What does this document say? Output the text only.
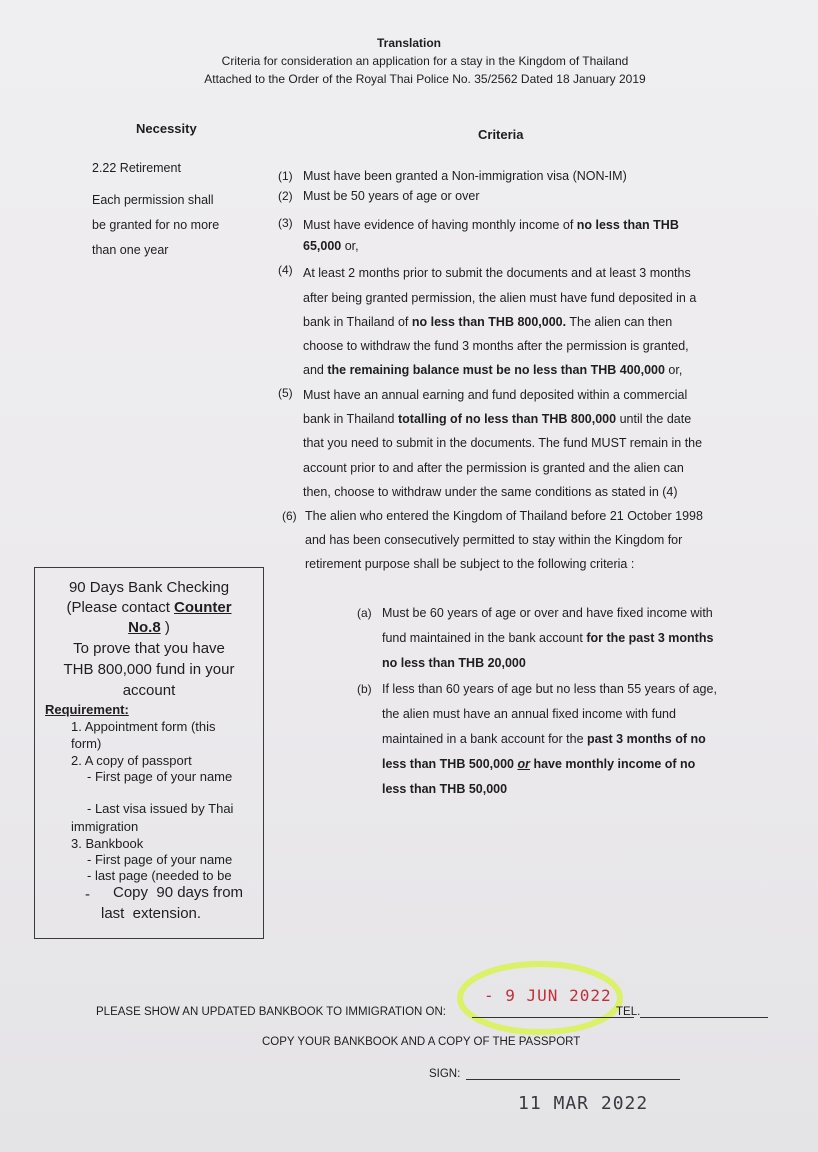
Translation
Criteria for consideration an application for a stay in the Kingdom of Thailand
Attached to the Order of the Royal Thai Police No. 35/2562 Dated 18 January 2019
Necessity	Criteria
2.22 Retirement
Each permission shall
be granted for no more
than one year
(1) Must have been granted a Non-immigration visa (NON-IM)
(2) Must be 50 years of age or over
(3) Must have evidence of having monthly income of no less than THB
65,000 or,
(4) At least 2 months prior to submit the documents and at least 3 months
after being granted permission, the alien must have fund deposited in a
bank in Thailand of no less than THB 800,000. The alien can then
choose to withdraw the fund 3 months after the permission is granted,
and the remaining balance must be no less than THB 400,000 or,
(5) Must have an annual earning and fund deposited within a commercial
bank in Thailand totalling of no less than THB 800,000 until the date
that you need to submit in the documents. The fund MUST remain in the
account prior to and after the permission is granted and the alien can
then, choose to withdraw under the same conditions as stated in (4)
(6) The alien who entered the Kingdom of Thailand before 21 October 1998
and has been consecutively permitted to stay within the Kingdom for
retirement purpose shall be subject to the following criteria :
(a) Must be 60 years of age or over and have fixed income with
fund maintained in the bank account for the past 3 months
no less than THB 20,000
(b) If less than 60 years of age but no less than 55 years of age,
the alien must have an annual fixed income with fund
maintained in a bank account for the past 3 months of no
less than THB 500,000 or have monthly income of no
less than THB 50,000
90 Days Bank Checking
(Please contact Counter
No.8 )
To prove that you have
THB 800,000 fund in your
account
Requirement:
1. Appointment form (this
form)
2. A copy of passport
- First page of your name
- Last visa issued by Thai
immigration
3. Bankbook
- First page of your name
- last page (needed to be
- Copy  90 days from
last  extension.
PLEASE SHOW AN UPDATED BANKBOOK TO IMMIGRATION ON:
- 9 JUN 2022
TEL.
COPY YOUR BANKBOOK AND A COPY OF THE PASSPORT
SIGN:
11 MAR 2022
